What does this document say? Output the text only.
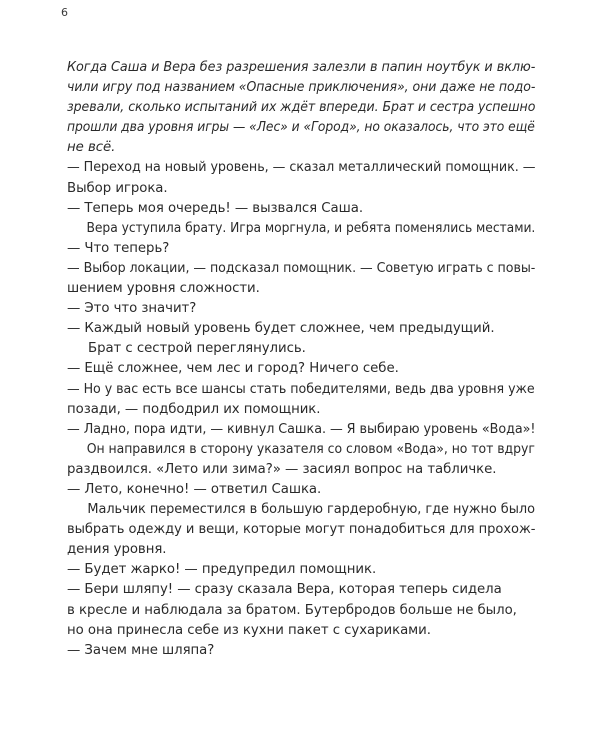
6
Когда Саша и Вера без разрешения залезли в папин ноутбук и вклю-
чили игру под названием «Опасные приключения», они даже не подо-
зревали, сколько испытаний их ждёт впереди. Брат и сестра успешно
прошли два уровня игры — «Лес» и «Город», но оказалось, что это ещё
не всё.
— Переход на новый уровень, — сказал металлический помощник. —
Выбор игрока.
— Теперь моя очередь! — вызвался Саша.
Вера уступила брату. Игра моргнула, и ребята поменялись местами.
— Что теперь?
— Выбор локации, — подсказал помощник. — Советую играть с повы-
шением уровня сложности.
— Это что значит?
— Каждый новый уровень будет сложнее, чем предыдущий.
Брат с сестрой переглянулись.
— Ещё сложнее, чем лес и город? Ничего себе.
— Но у вас есть все шансы стать победителями, ведь два уровня уже
позади, — подбодрил их помощник.
— Ладно, пора идти, — кивнул Сашка. — Я выбираю уровень «Вода»!
Он направился в сторону указателя со словом «Вода», но тот вдруг
раздвоился. «Лето или зима?» — засиял вопрос на табличке.
— Лето, конечно! — ответил Сашка.
Мальчик переместился в большую гардеробную, где нужно было
выбрать одежду и вещи, которые могут понадобиться для прохож-
дения уровня.
— Будет жарко! — предупредил помощник.
— Бери шляпу! — сразу сказала Вера, которая теперь сидела
в кресле и наблюдала за братом. Бутербродов больше не было,
но она принесла себе из кухни пакет с сухариками.
— Зачем мне шляпа?
